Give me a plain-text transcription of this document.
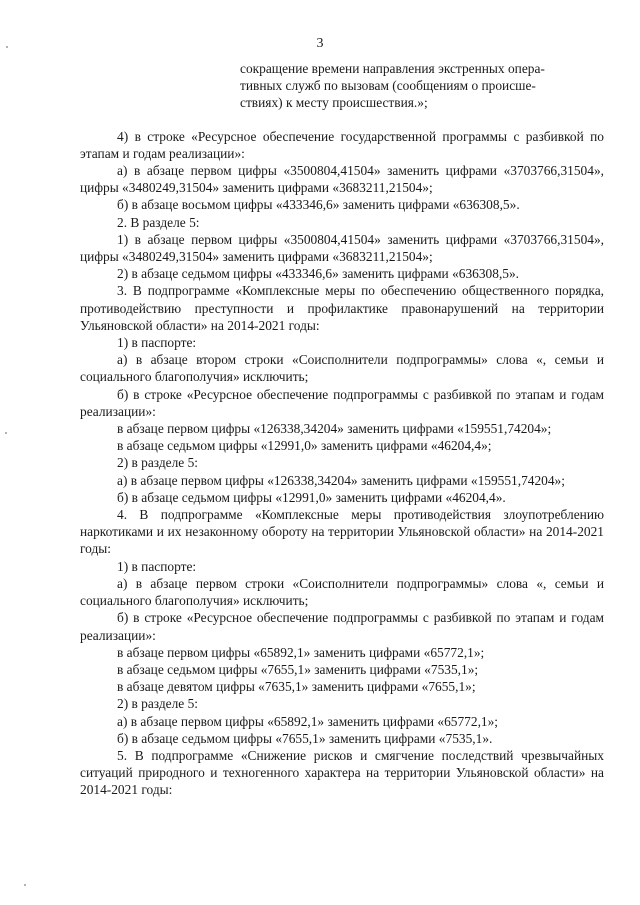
3

сокращение времени направления экстренных опера-

тивных служб по вызовам (сообщениям о происше-

ствиях) к месту происшествия.»;

4) в строке «Ресурсное обеспечение государственной программы с разбивкой по этапам и годам реализации»:

а) в абзаце первом цифры «3500804,41504» заменить цифрами «3703766,31504», цифры «3480249,31504» заменить цифрами «3683211,21504»;

б) в абзаце восьмом цифры «433346,6» заменить цифрами «636308,5».

2. В разделе 5:

1) в абзаце первом цифры «3500804,41504» заменить цифрами «3703766,31504», цифры «3480249,31504» заменить цифрами «3683211,21504»;

2) в абзаце седьмом цифры «433346,6» заменить цифрами «636308,5».

3. В подпрограмме «Комплексные меры по обеспечению общественного порядка, противодействию преступности и профилактике правонарушений на территории Ульяновской области» на 2014-2021 годы:

1) в паспорте:

а) в абзаце втором строки «Соисполнители подпрограммы» слова «, семьи и социального благополучия» исключить;

б) в строке «Ресурсное обеспечение подпрограммы с разбивкой по этапам и годам реализации»:

в абзаце первом цифры «126338,34204» заменить цифрами «159551,74204»;

в абзаце седьмом цифры «12991,0» заменить цифрами «46204,4»;

2) в разделе 5:

а) в абзаце первом цифры «126338,34204» заменить цифрами «159551,74204»;

б) в абзаце седьмом цифры «12991,0» заменить цифрами «46204,4».

4. В подпрограмме «Комплексные меры противодействия злоупотреблению наркотиками и их незаконному обороту на территории Ульяновской области» на 2014-2021 годы:

1) в паспорте:

а) в абзаце первом строки «Соисполнители подпрограммы» слова «, семьи и социального благополучия» исключить;

б) в строке «Ресурсное обеспечение подпрограммы с разбивкой по этапам и годам реализации»:

в абзаце первом цифры «65892,1» заменить цифрами «65772,1»;

в абзаце седьмом цифры «7655,1» заменить цифрами «7535,1»;

в абзаце девятом цифры «7635,1» заменить цифрами «7655,1»;

2) в разделе 5:

а) в абзаце первом цифры «65892,1» заменить цифрами «65772,1»;

б) в абзаце седьмом цифры «7655,1» заменить цифрами «7535,1».

5. В подпрограмме «Снижение рисков и смягчение последствий чрезвычайных ситуаций природного и техногенного характера на территории Ульяновской области» на 2014-2021 годы:
